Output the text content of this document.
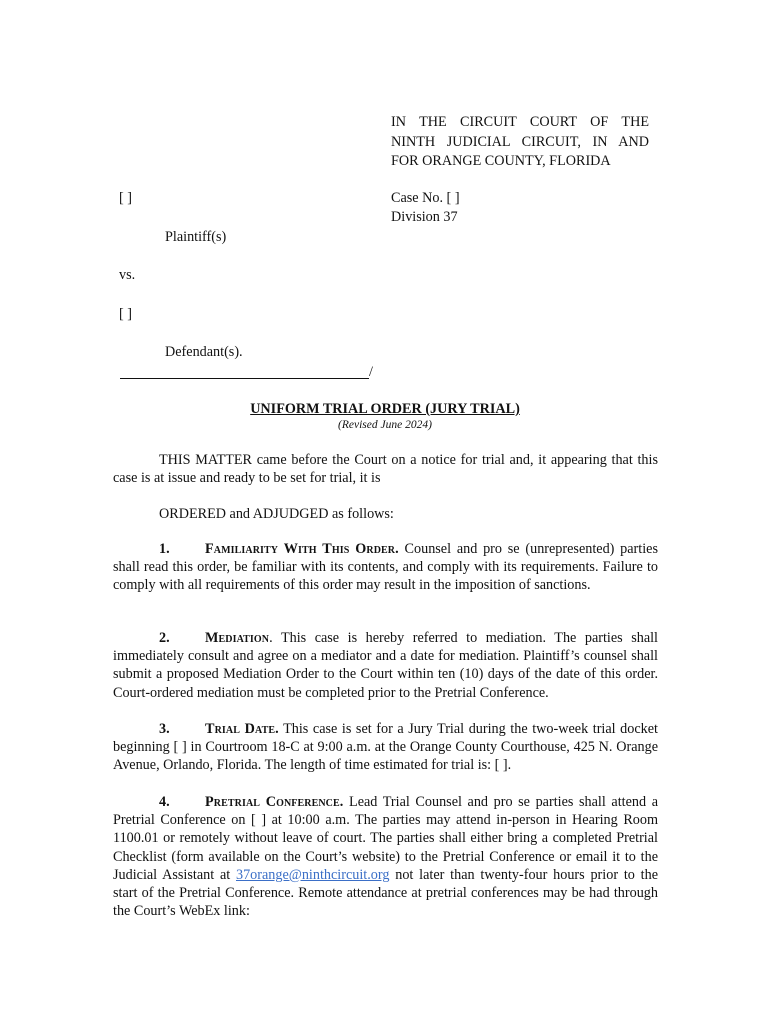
IN THE CIRCUIT COURT OF THE
NINTH JUDICIAL CIRCUIT, IN AND
FOR ORANGE COUNTY, FLORIDA
[ ]	Case No. [ ]
Division 37
Plaintiff(s)
vs.
[ ]
Defendant(s).
/
UNIFORM TRIAL ORDER (JURY TRIAL)
(Revised June 2024)
THIS MATTER came before the Court on a notice for trial and, it appearing that this case is at issue and ready to be set for trial, it is
ORDERED and ADJUDGED as follows:
1. Familiarity With This Order. Counsel and pro se (unrepresented) parties shall read this order, be familiar with its contents, and comply with its requirements. Failure to comply with all requirements of this order may result in the imposition of sanctions.
2. Mediation. This case is hereby referred to mediation. The parties shall immediately consult and agree on a mediator and a date for mediation. Plaintiff’s counsel shall submit a proposed Mediation Order to the Court within ten (10) days of the date of this order. Court-ordered mediation must be completed prior to the Pretrial Conference.
3. Trial Date. This case is set for a Jury Trial during the two-week trial docket beginning [ ] in Courtroom 18-C at 9:00 a.m. at the Orange County Courthouse, 425 N. Orange Avenue, Orlando, Florida. The length of time estimated for trial is: [ ].
4. Pretrial Conference. Lead Trial Counsel and pro se parties shall attend a Pretrial Conference on [ ] at 10:00 a.m. The parties may attend in-person in Hearing Room 1100.01 or remotely without leave of court. The parties shall either bring a completed Pretrial Checklist (form available on the Court’s website) to the Pretrial Conference or email it to the Judicial Assistant at 37orange@ninthcircuit.org not later than twenty-four hours prior to the start of the Pretrial Conference. Remote attendance at pretrial conferences may be had through the Court’s WebEx link:
